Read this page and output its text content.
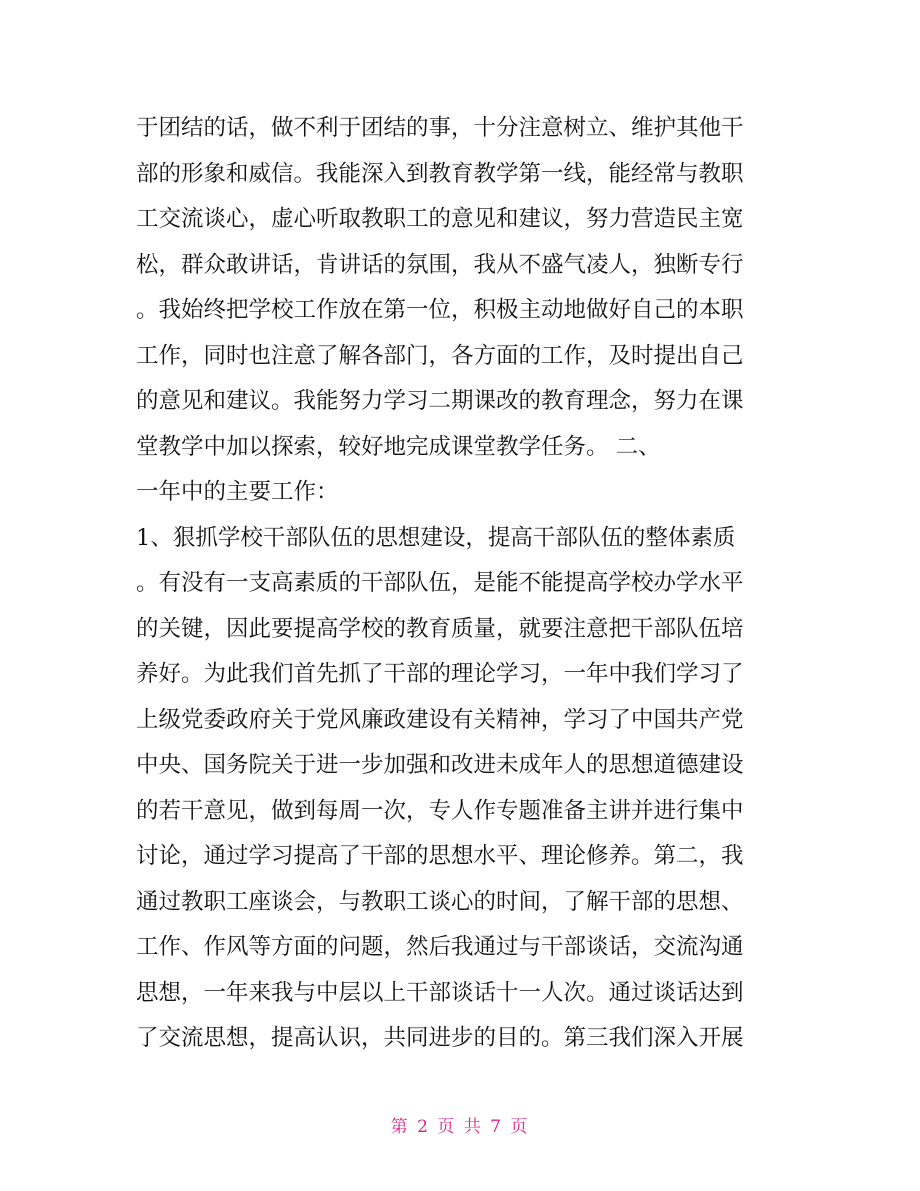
于团结的话，做不利于团结的事，十分注意树立、维护其他干
部的形象和威信。我能深入到教育教学第一线，能经常与教职
工交流谈心，虚心听取教职工的意见和建议，努力营造民主宽
松，群众敢讲话，肯讲话的氛围，我从不盛气凌人，独断专行
。我始终把学校工作放在第一位，积极主动地做好自己的本职
工作，同时也注意了解各部门，各方面的工作，及时提出自己
的意见和建议。我能努力学习二期课改的教育理念，努力在课
堂教学中加以探索，较好地完成课堂教学任务。 二、
一年中的主要工作：
1、狠抓学校干部队伍的思想建设，提高干部队伍的整体素质
。有没有一支高素质的干部队伍，是能不能提高学校办学水平
的关键，因此要提高学校的教育质量，就要注意把干部队伍培
养好。为此我们首先抓了干部的理论学习，一年中我们学习了
上级党委政府关于党风廉政建设有关精神，学习了中国共产党
中央、国务院关于进一步加强和改进未成年人的思想道德建设
的若干意见，做到每周一次，专人作专题准备主讲并进行集中
讨论，通过学习提高了干部的思想水平、理论修养。第二，我
通过教职工座谈会，与教职工谈心的时间，了解干部的思想、
工作、作风等方面的问题，然后我通过与干部谈话，交流沟通
思想，一年来我与中层以上干部谈话十一人次。通过谈话达到
了交流思想，提高认识，共同进步的目的。第三我们深入开展
第 2 页 共 7 页
